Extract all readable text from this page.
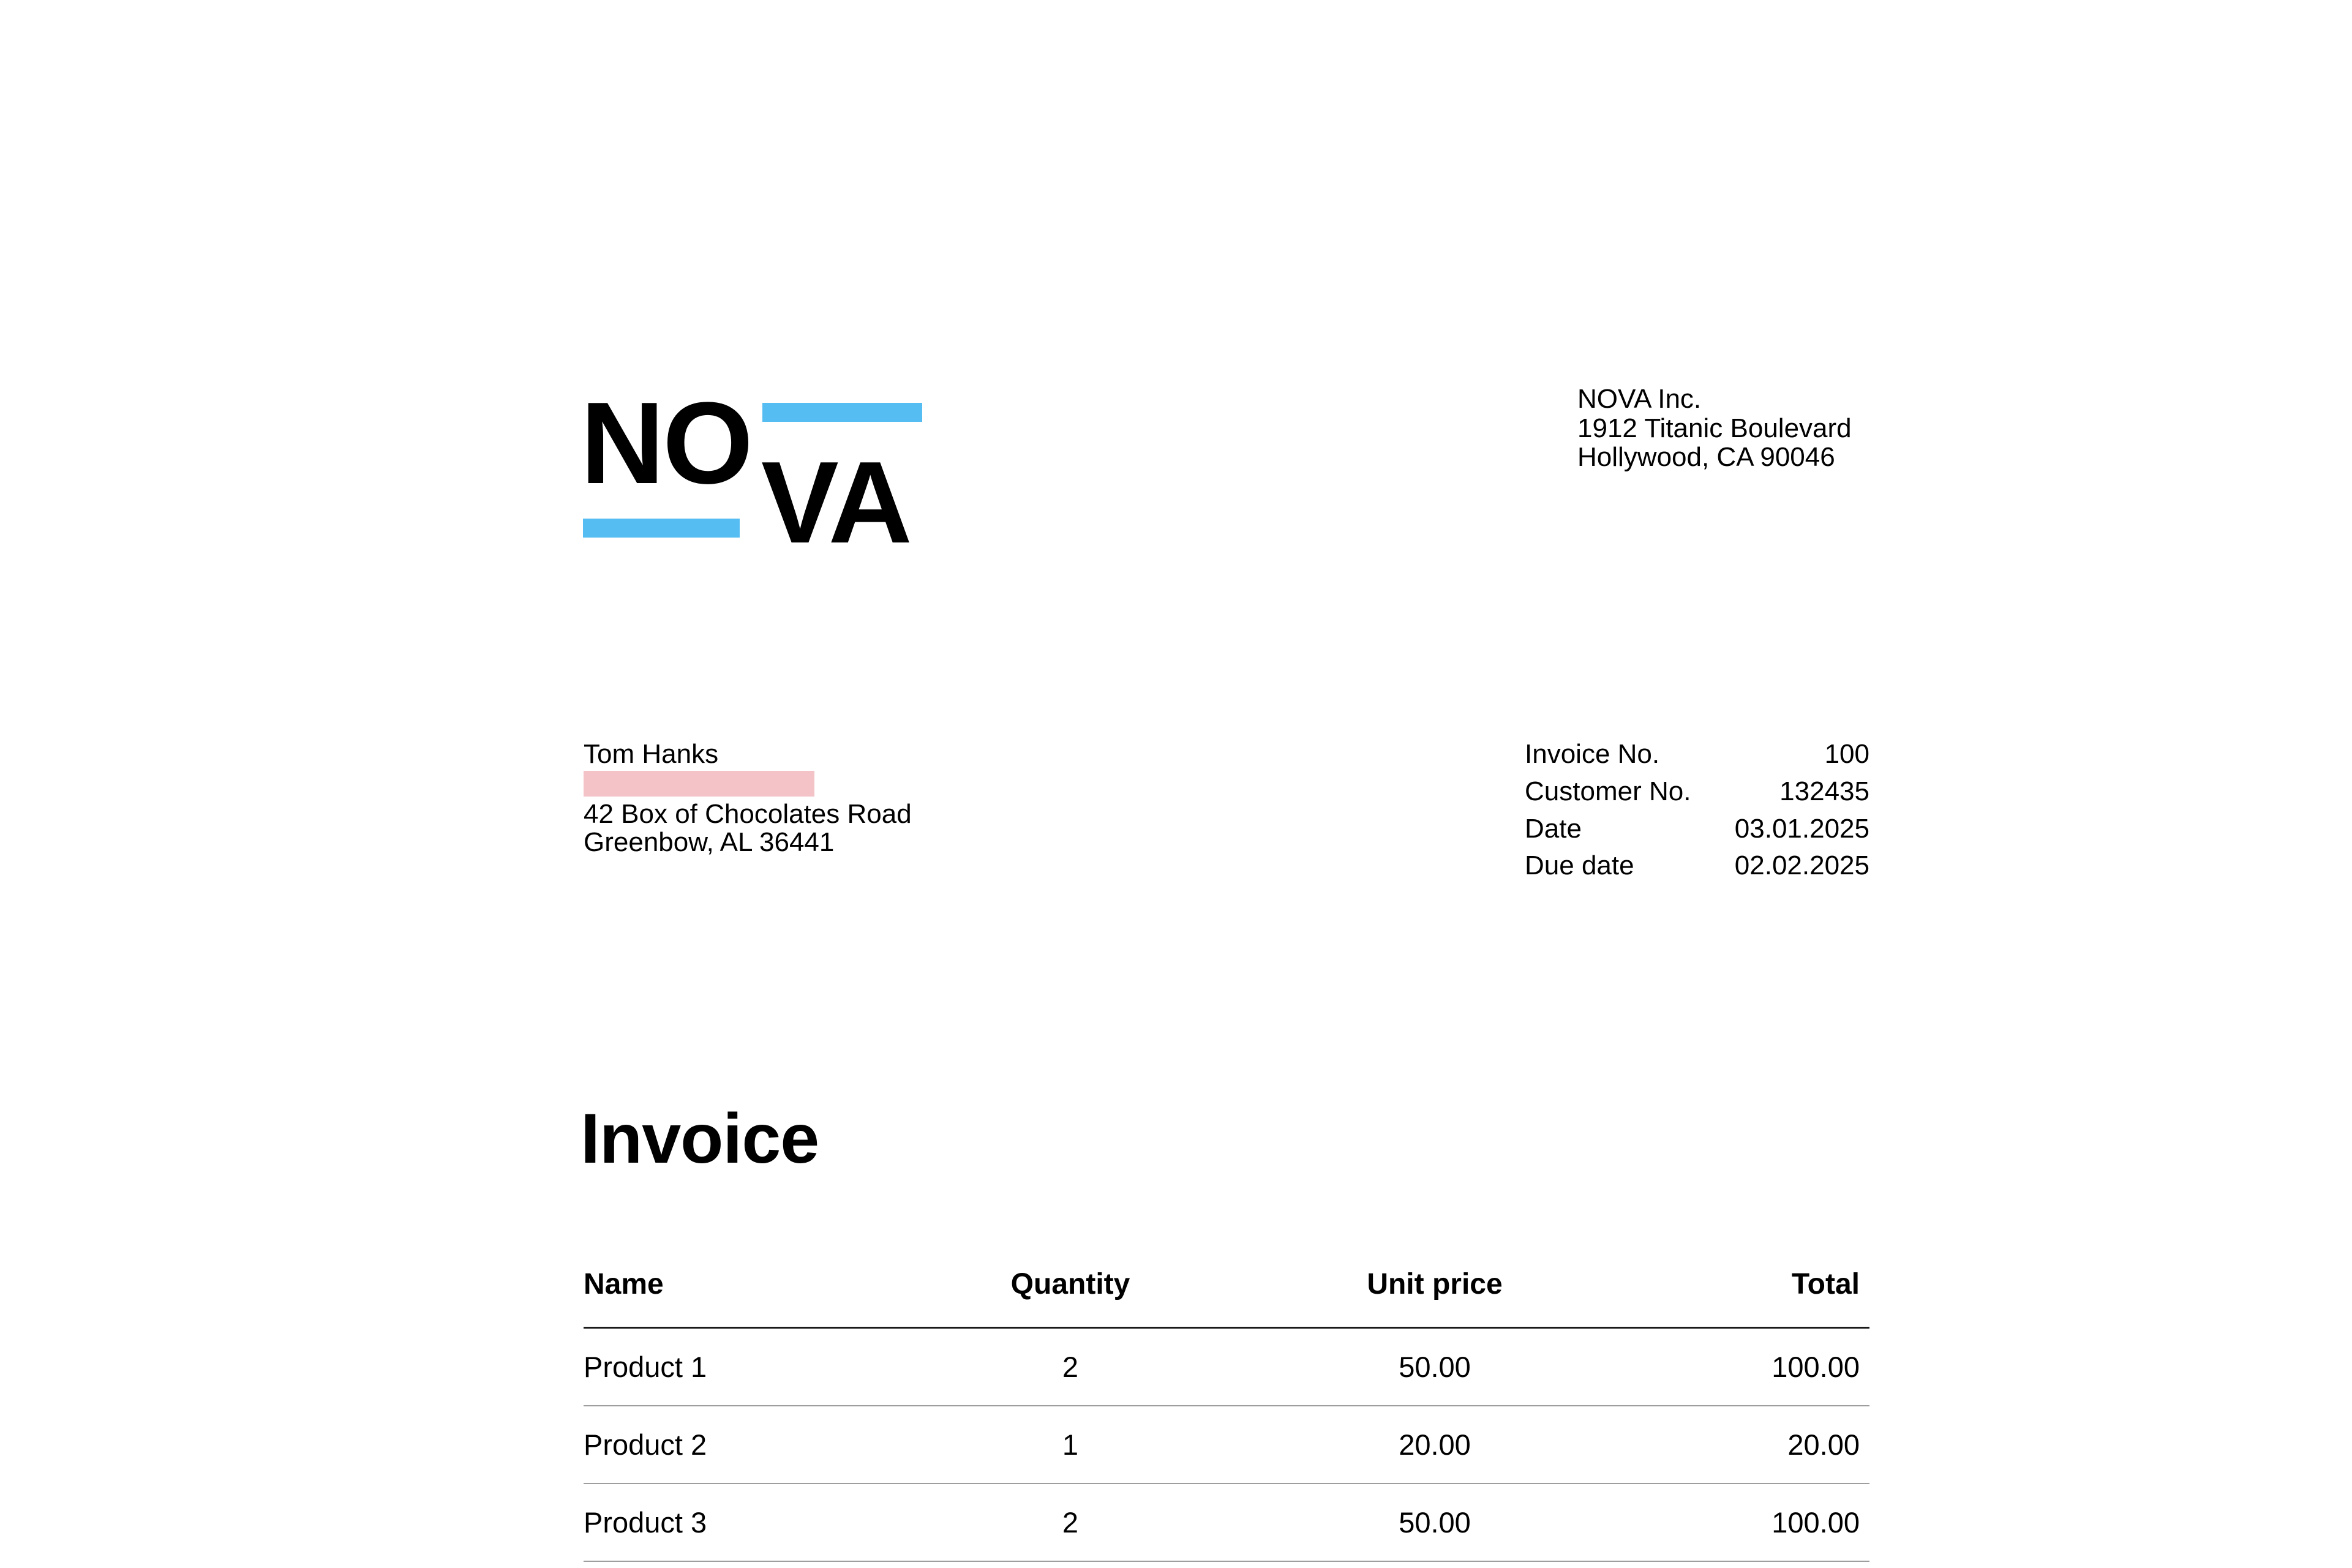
NO VA
NOVA Inc.
1912 Titanic Boulevard
Hollywood, CA 90046
Tom Hanks
42 Box of Chocolates Road
Greenbow, AL 36441
Invoice No.	100
Customer No.	132435
Date	03.01.2025
Due date	02.02.2025
Invoice
Name	Quantity	Unit price	Total
Product 1	2	50.00	100.00
Product 2	1	20.00	20.00
Product 3	2	50.00	100.00
